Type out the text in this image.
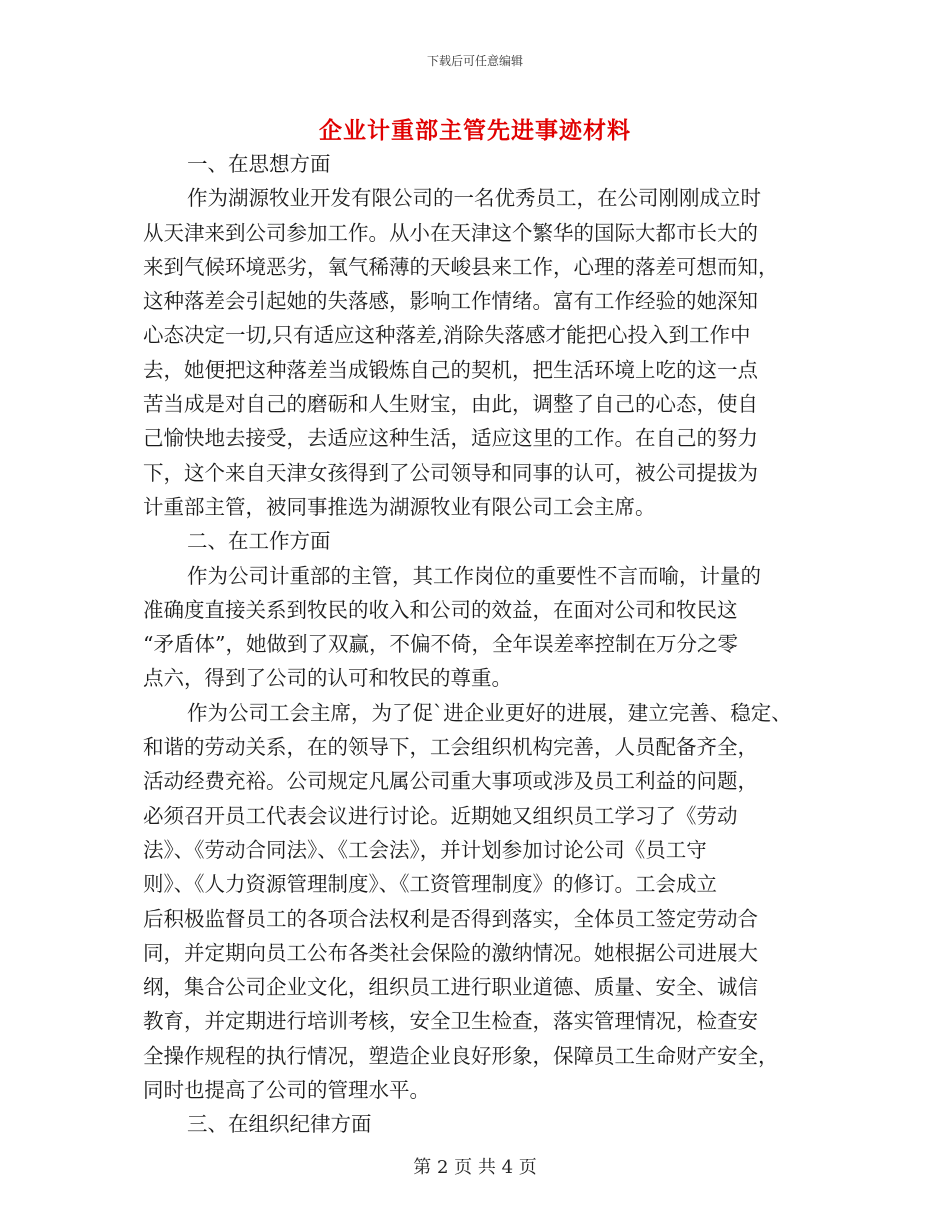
下载后可任意编辑
企业计重部主管先进事迹材料
一、在思想方面
作为湖源牧业开发有限公司的一名优秀员工，在公司刚刚成立时
从天津来到公司参加工作。从小在天津这个繁华的国际大都市长大的
来到气候环境恶劣，氧气稀薄的天峻县来工作，心理的落差可想而知，
这种落差会引起她的失落感，影响工作情绪。富有工作经验的她深知
心态决定一切,只有适应这种落差,消除失落感才能把心投入到工作中
去，她便把这种落差当成锻炼自己的契机，把生活环境上吃的这一点
苦当成是对自己的磨砺和人生财宝，由此，调整了自己的心态，使自
己愉快地去接受，去适应这种生活，适应这里的工作。在自己的努力
下，这个来自天津女孩得到了公司领导和同事的认可，被公司提拔为
计重部主管，被同事推选为湖源牧业有限公司工会主席。
二、在工作方面
作为公司计重部的主管，其工作岗位的重要性不言而喻，计量的
准确度直接关系到牧民的收入和公司的效益，在面对公司和牧民这
“矛盾体”，她做到了双赢，不偏不倚，全年误差率控制在万分之零
点六，得到了公司的认可和牧民的尊重。
作为公司工会主席，为了促`进企业更好的进展，建立完善、稳定、
和谐的劳动关系，在的领导下，工会组织机构完善，人员配备齐全，
活动经费充裕。公司规定凡属公司重大事项或涉及员工利益的问题，
必须召开员工代表会议进行讨论。近期她又组织员工学习了《劳动
法》、《劳动合同法》、《工会法》，并计划参加讨论公司《员工守
则》、《人力资源管理制度》、《工资管理制度》的修订。工会成立
后积极监督员工的各项合法权利是否得到落实，全体员工签定劳动合
同，并定期向员工公布各类社会保险的激纳情况。她根据公司进展大
纲，集合公司企业文化，组织员工进行职业道德、质量、安全、诚信
教育，并定期进行培训考核，安全卫生检查，落实管理情况，检查安
全操作规程的执行情况，塑造企业良好形象，保障员工生命财产安全，
同时也提高了公司的管理水平。
三、在组织纪律方面
第 2 页 共 4 页
